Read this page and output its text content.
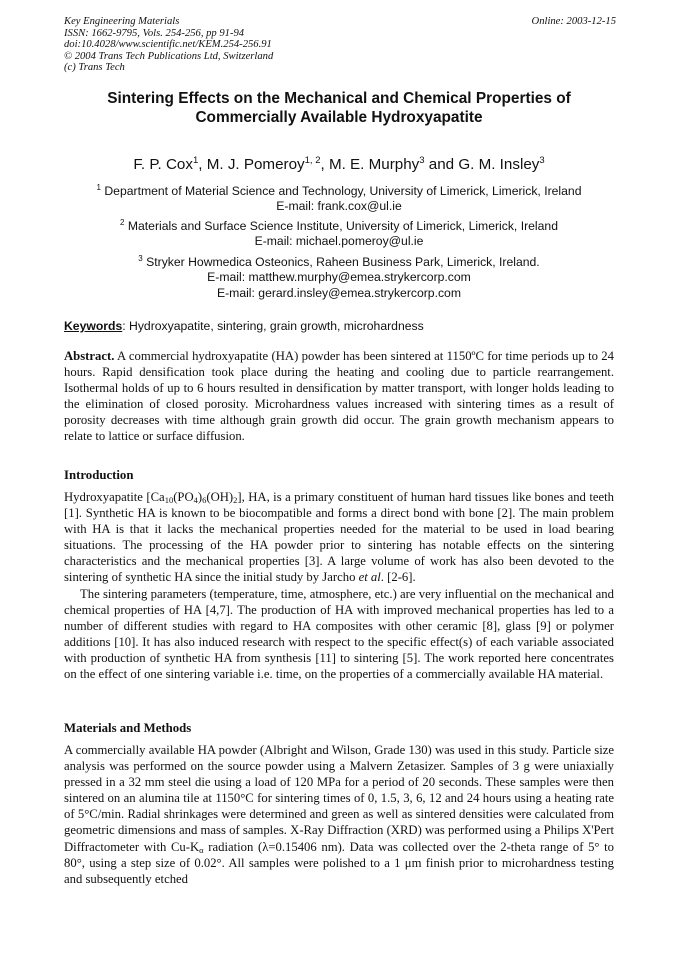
Key Engineering Materials
ISSN: 1662-9795, Vols. 254-256, pp 91-94
doi:10.4028/www.scientific.net/KEM.254-256.91
© 2004 Trans Tech Publications Ltd, Switzerland
(c) Trans Tech
Online: 2003-12-15
Sintering Effects on the Mechanical and Chemical Properties of
Commercially Available Hydroxyapatite
F. P. Cox$^1$, M. J. Pomeroy$^{1, 2}$, M. E. Murphy$^3$ and G. M. Insley$^3$
$^1$ Department of Material Science and Technology, University of Limerick, Limerick, Ireland
E-mail: frank.cox@ul.ie
$^2$ Materials and Surface Science Institute, University of Limerick, Limerick, Ireland
E-mail: michael.pomeroy@ul.ie
$^3$ Stryker Howmedica Osteonics, Raheen Business Park, Limerick, Ireland.
E-mail: matthew.murphy@emea.strykercorp.com
E-mail: gerard.insley@emea.strykercorp.com
Keywords: Hydroxyapatite, sintering, grain growth, microhardness

Abstract. A commercial hydroxyapatite (HA) powder has been sintered at 1150ºC for time periods up to 24 hours. Rapid densification took place during the heating and cooling due to particle rearrangement. Isothermal holds of up to 6 hours resulted in densification by matter transport, with longer holds leading to the elimination of closed porosity. Microhardness values increased with sintering times as a result of porosity decreases with time although grain growth did occur. The grain growth mechanism appears to relate to lattice or surface diffusion.

Introduction

Hydroxyapatite $[Ca_{10}(PO_4)_6(OH)_2]$, HA, is a primary constituent of human hard tissues like bones and teeth [1]. Synthetic HA is known to be biocompatible and forms a direct bond with bone [2]. The main problem with HA is that it lacks the mechanical properties needed for the material to be used in load bearing situations. The processing of the HA powder prior to sintering has notable effects on the sintering characteristics and the mechanical properties [3]. A large volume of work has also been devoted to the sintering of synthetic HA since the initial study by Jarcho et al. [2-6].

The sintering parameters (temperature, time, atmosphere, etc.) are very influential on the mechanical and chemical properties of HA [4,7]. The production of HA with improved mechanical properties has led to a number of different studies with regard to HA composites with other ceramic [8], glass [9] or polymer additions [10]. It has also induced research with respect to the specific effect(s) of each variable associated with production of synthetic HA from synthesis [11] to sintering [5]. The work reported here concentrates on the effect of one sintering variable i.e. time, on the properties of a commercially available HA material.

Materials and Methods

A commercially available HA powder (Albright and Wilson, Grade 130) was used in this study. Particle size analysis was performed on the source powder using a Malvern Zetasizer. Samples of 3 g were uniaxially pressed in a 32 mm steel die using a load of 120 MPa for a period of 20 seconds. These samples were then sintered on an alumina tile at 1150°C for sintering times of 0, 1.5, 3, 6, 12 and 24 hours using a heating rate of 5°C/min. Radial shrinkages were determined and green as well as sintered densities were calculated from geometric dimensions and mass of samples. X-Ray Diffraction (XRD) was performed using a Philips X'Pert Diffractometer with $Cu-K_\alpha$ radiation (λ=0.15406 nm). Data was collected over the 2-theta range of 5° to 80°, using a step size of 0.02°. All samples were polished to a 1 μm finish prior to microhardness testing and subsequently etched
